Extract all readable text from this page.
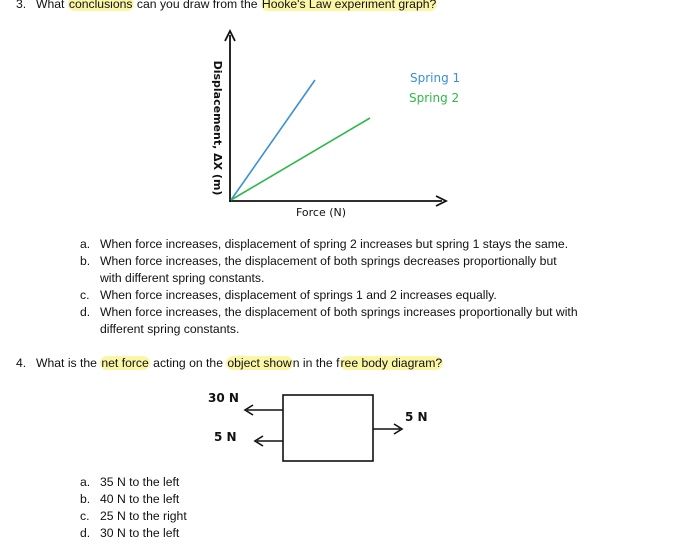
3. What conclusions can you draw from the Hooke's Law experiment graph?
Displacement, ΔX (m)
Force (N)
Spring 1
Spring 2
30 N
5 N
5 N
a. When force increases, displacement of spring 2 increases but spring 1 stays the same.
b. When force increases, the displacement of both springs decreases proportionally but
with different spring constants.
c. When force increases, displacement of springs 1 and 2 increases equally.
d. When force increases, the displacement of both springs increases proportionally but with
different spring constants.
4. What is the net force acting on the object shown in the free body diagram?
a. 35 N to the left
b. 40 N to the left
c. 25 N to the right
d. 30 N to the left
